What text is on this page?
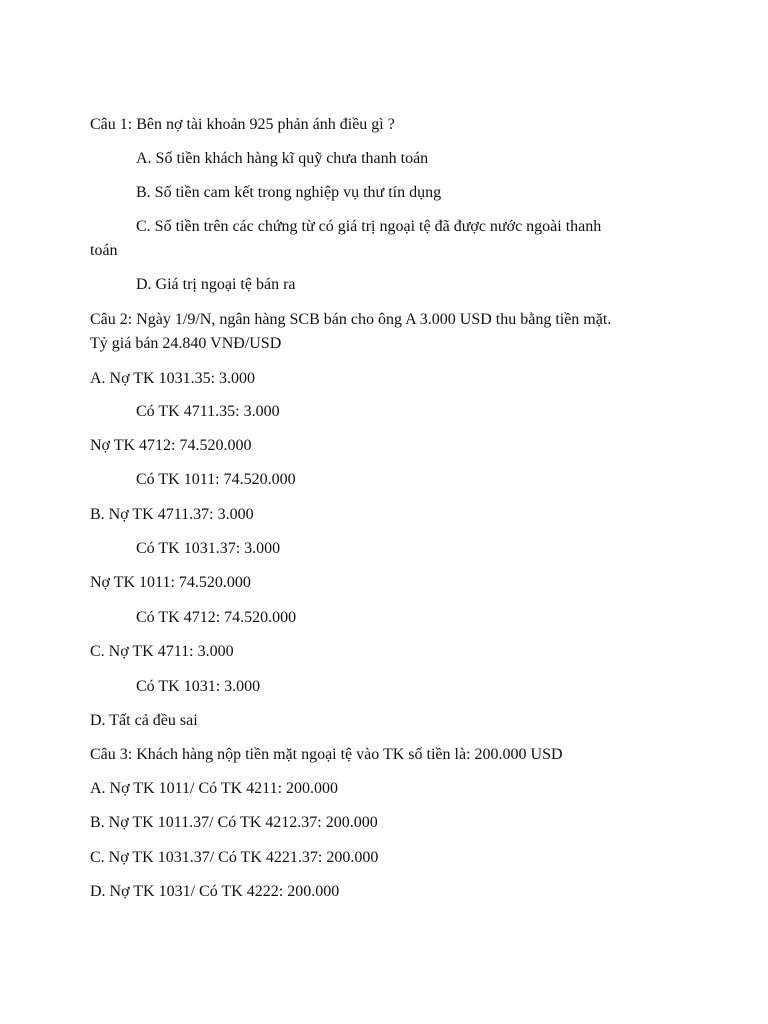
Câu 1: Bên nợ tài khoản 925 phản ánh điều gì ?
A. Số tiền khách hàng kĩ quỹ chưa thanh toán
B. Số tiền cam kết trong nghiệp vụ thư tín dụng
C. Số tiền trên các chứng từ có giá trị ngoại tệ đã được nước ngoài thanh
toán
D. Giá trị ngoại tệ bán ra
Câu 2: Ngày 1/9/N, ngân hàng SCB bán cho ông A 3.000 USD thu bằng tiền mặt.
Tỷ giá bán 24.840 VNĐ/USD
A. Nợ TK 1031.35: 3.000
Có TK 4711.35: 3.000
Nợ TK 4712: 74.520.000
Có TK 1011: 74.520.000
B. Nợ TK 4711.37: 3.000
Có TK 1031.37: 3.000
Nợ TK 1011: 74.520.000
Có TK 4712: 74.520.000
C. Nợ TK 4711: 3.000
Có TK 1031: 3.000
D. Tất cả đều sai
Câu 3: Khách hàng nộp tiền mặt ngoại tệ vào TK số tiền là: 200.000 USD
A. Nợ TK 1011/ Có TK 4211: 200.000
B. Nợ TK 1011.37/ Có TK 4212.37: 200.000
C. Nợ TK 1031.37/ Có TK 4221.37: 200.000
D. Nợ TK 1031/ Có TK 4222: 200.000
